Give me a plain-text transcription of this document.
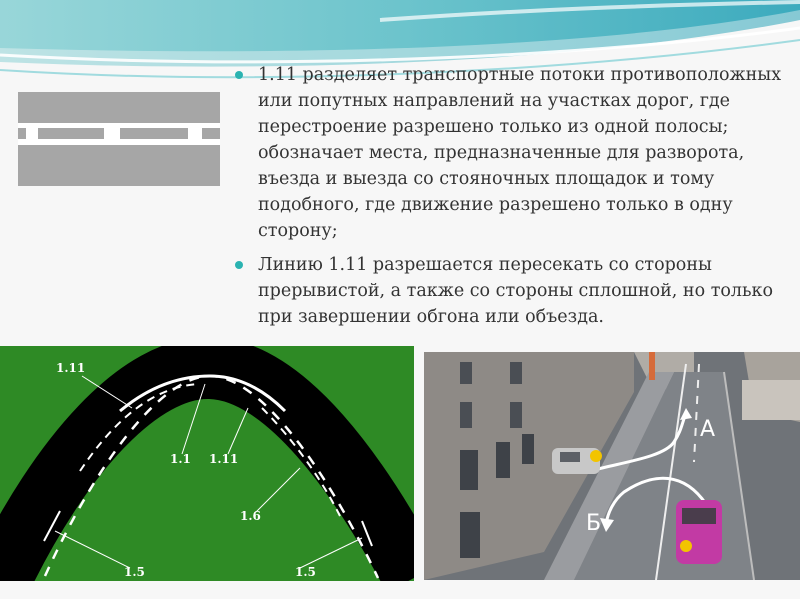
1.11 разделяет транспортные потоки противоположных или попутных направлений на участках дорог, где перестроение разрешено только из одной полосы; обозначает места, предназначенные для разворота, въезда и выезда со стояночных площадок и тому подобного, где движение разрешено только в одну сторону;
Линию 1.11 разрешается пересекать со стороны прерывистой, а также со стороны сплошной, но только при завершении обгона или объезда.
1.11
1.1 1.11
1.6
1.5	1.5
А
Б
